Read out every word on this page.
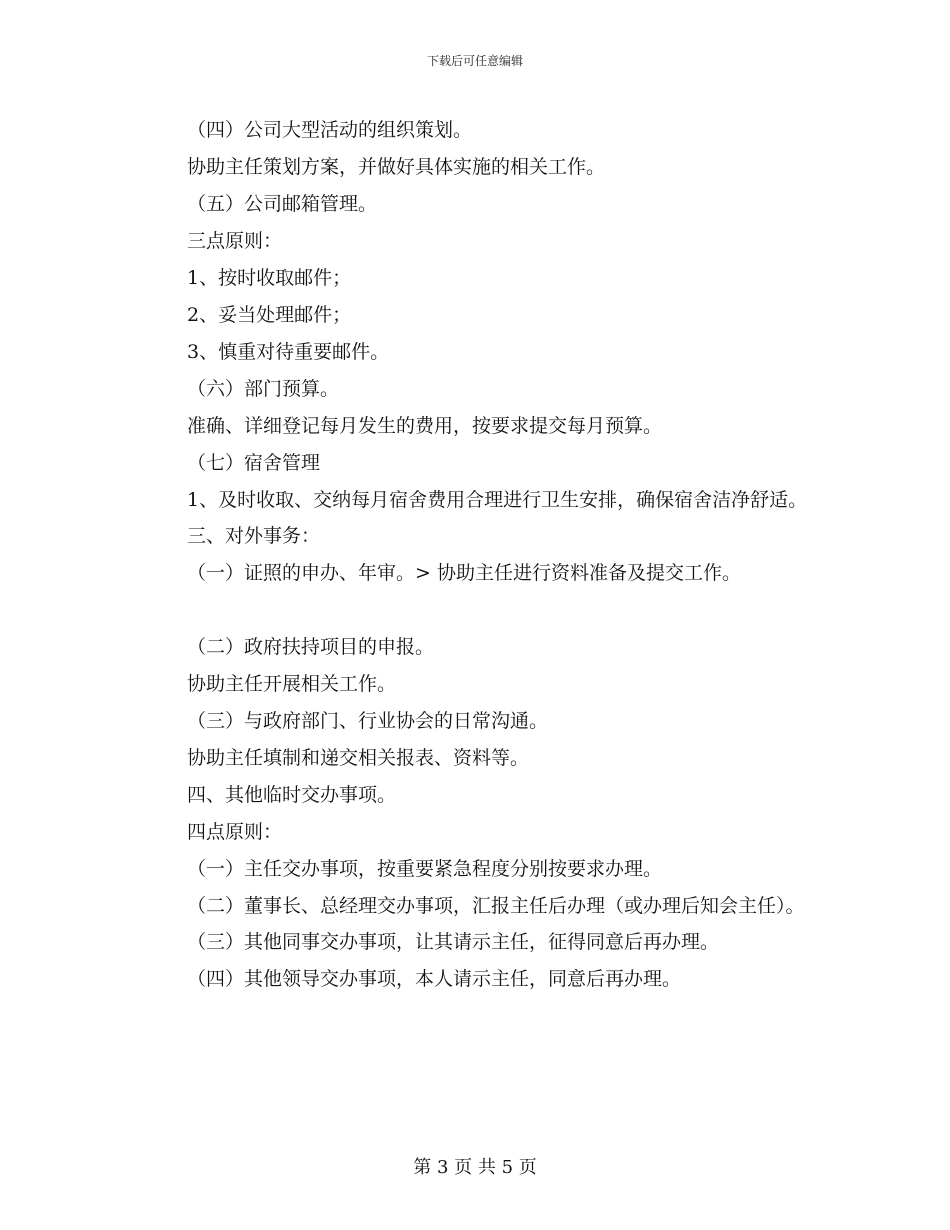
下载后可任意编辑
（四）公司大型活动的组织策划。
协助主任策划方案，并做好具体实施的相关工作。
（五）公司邮箱管理。
三点原则：
1、按时收取邮件；
2、妥当处理邮件；
3、慎重对待重要邮件。
（六）部门预算。
准确、详细登记每月发生的费用，按要求提交每月预算。
（七）宿舍管理
1、及时收取、交纳每月宿舍费用合理进行卫生安排，确保宿舍洁净舒适。
三、对外事务：
（一）证照的申办、年审。> 协助主任进行资料准备及提交工作。
（二）政府扶持项目的申报。
协助主任开展相关工作。
（三）与政府部门、行业协会的日常沟通。
协助主任填制和递交相关报表、资料等。
四、其他临时交办事项。
四点原则：
（一）主任交办事项，按重要紧急程度分别按要求办理。
（二）董事长、总经理交办事项，汇报主任后办理（或办理后知会主任）。
（三）其他同事交办事项，让其请示主任，征得同意后再办理。
（四）其他领导交办事项，本人请示主任，同意后再办理。
第 3 页 共 5 页
